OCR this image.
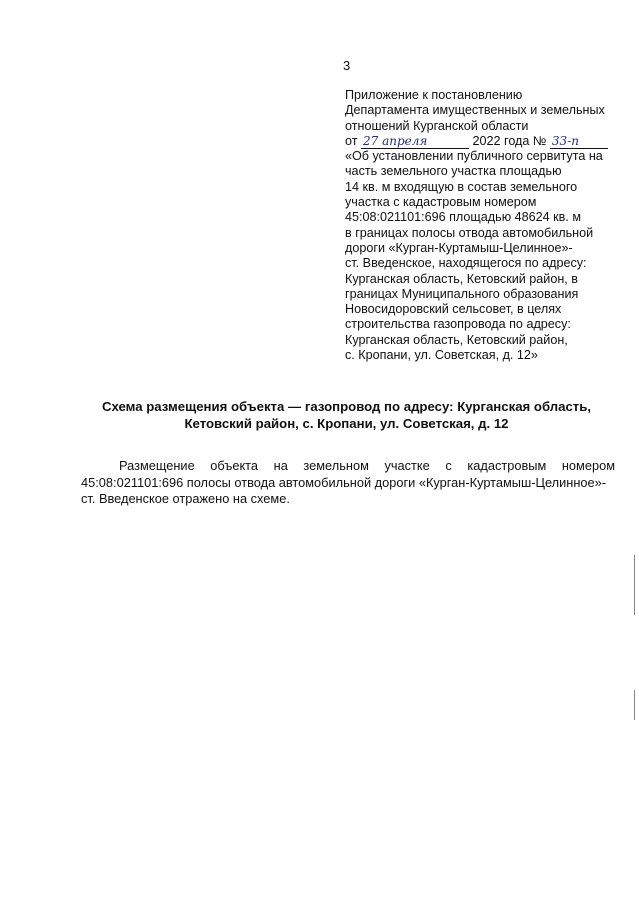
3
Приложение к постановлению
Департамента имущественных и земельных
отношений Курганской области
от 27 апреля	2022 года № 33-п
«Об установлении публичного сервитута на
часть земельного участка площадью
14 кв. м входящую в состав земельного
участка с кадастровым номером
45:08:021101:696 площадью 48624 кв. м
в границах полосы отвода автомобильной
дороги «Курган-Куртамыш-Целинное»-
ст. Введенское, находящегося по адресу:
Курганская область, Кетовский район, в
границах Муниципального образования
Новосидоровский сельсовет, в целях
строительства газопровода по адресу:
Курганская область, Кетовский район,
с. Кропани, ул. Советская, д. 12»
Схема размещения объекта — газопровод по адресу: Курганская область,
Кетовский район, с. Кропани, ул. Советская, д. 12
Размещение объекта на земельном участке с кадастровым номером
45:08:021101:696 полосы отвода автомобильной дороги «Курган-Куртамыш-Целинное»-
ст. Введенское отражено на схеме.
